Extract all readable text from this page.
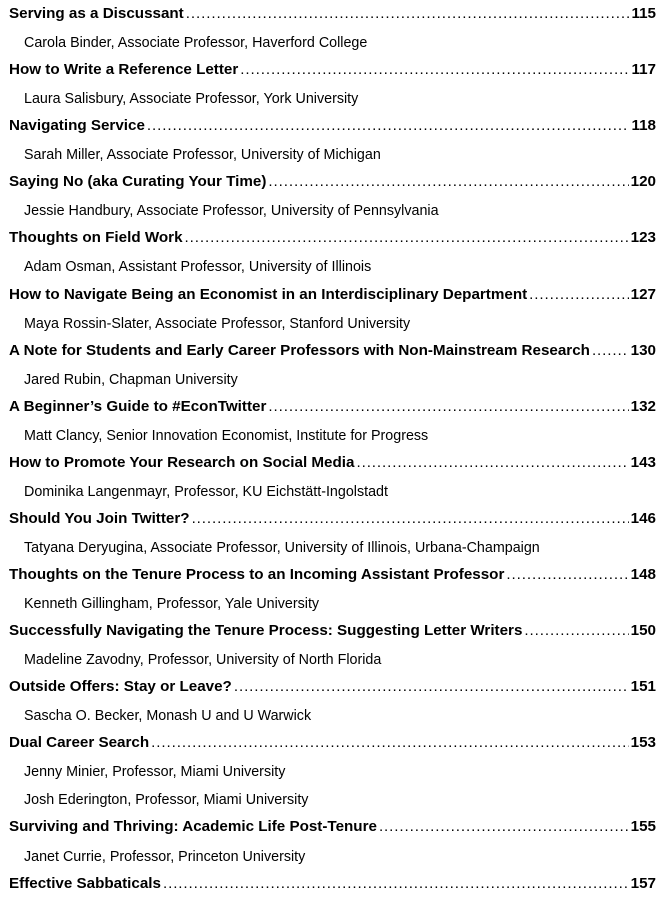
Serving as a Discussant .....	115
Carola Binder, Associate Professor, Haverford College
How to Write a Reference Letter .....	117
Laura Salisbury, Associate Professor, York University
Navigating Service .....	118
Sarah Miller, Associate Professor, University of Michigan
Saying No (aka Curating Your Time) .....	120
Jessie Handbury, Associate Professor, University of Pennsylvania
Thoughts on Field Work .....	123
Adam Osman, Assistant Professor, University of Illinois
How to Navigate Being an Economist in an Interdisciplinary Department .....	127
Maya Rossin-Slater, Associate Professor, Stanford University
A Note for Students and Early Career Professors with Non-Mainstream Research .....	130
Jared Rubin, Chapman University
A Beginner’s Guide to #EconTwitter .....	132
Matt Clancy, Senior Innovation Economist, Institute for Progress
How to Promote Your Research on Social Media .....	143
Dominika Langenmayr, Professor, KU Eichstätt-Ingolstadt
Should You Join Twitter? .....	146
Tatyana Deryugina, Associate Professor, University of Illinois, Urbana-Champaign
Thoughts on the Tenure Process to an Incoming Assistant Professor .....	148
Kenneth Gillingham, Professor, Yale University
Successfully Navigating the Tenure Process: Suggesting Letter Writers .....	150
Madeline Zavodny, Professor, University of North Florida
Outside Offers: Stay or Leave? .....	151
Sascha O. Becker, Monash U and U Warwick
Dual Career Search .....	153
Jenny Minier, Professor, Miami University
Josh Ederington, Professor, Miami University
Surviving and Thriving: Academic Life Post-Tenure .....	155
Janet Currie, Professor, Princeton University
Effective Sabbaticals .....	157
